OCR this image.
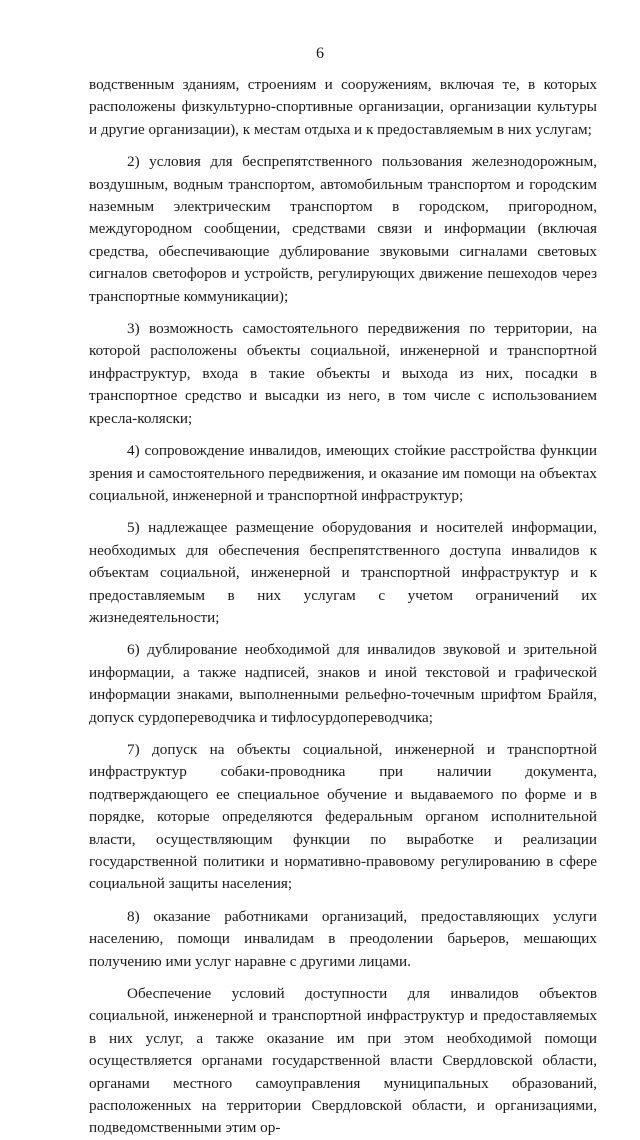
6

водственным зданиям, строениям и сооружениям, включая те, в которых расположены физкультурно-спортивные организации, организации культуры и другие организации), к местам отдыха и к предоставляемым в них услугам;

2) условия для беспрепятственного пользования железнодорожным, воздушным, водным транспортом, автомобильным транспортом и городским наземным электрическим транспортом в городском, пригородном, междугородном сообщении, средствами связи и информации (включая средства, обеспечивающие дублирование звуковыми сигналами световых сигналов светофоров и устройств, регулирующих движение пешеходов через транспортные коммуникации);

3) возможность самостоятельного передвижения по территории, на которой расположены объекты социальной, инженерной и транспортной инфраструктур, входа в такие объекты и выхода из них, посадки в транспортное средство и высадки из него, в том числе с использованием кресла-коляски;

4) сопровождение инвалидов, имеющих стойкие расстройства функции зрения и самостоятельного передвижения, и оказание им помощи на объектах социальной, инженерной и транспортной инфраструктур;

5) надлежащее размещение оборудования и носителей информации, необходимых для обеспечения беспрепятственного доступа инвалидов к объектам социальной, инженерной и транспортной инфраструктур и к предоставляемым в них услугам с учетом ограничений их жизнедеятельности;

6) дублирование необходимой для инвалидов звуковой и зрительной информации, а также надписей, знаков и иной текстовой и графической информации знаками, выполненными рельефно-точечным шрифтом Брайля, допуск сурдопереводчика и тифлосурдопереводчика;

7) допуск на объекты социальной, инженерной и транспортной инфраструктур собаки-проводника при наличии документа, подтверждающего ее специальное обучение и выдаваемого по форме и в порядке, которые определяются федеральным органом исполнительной власти, осуществляющим функции по выработке и реализации государственной политики и нормативно-правовому регулированию в сфере социальной защиты населения;

8) оказание работниками организаций, предоставляющих услуги населению, помощи инвалидам в преодолении барьеров, мешающих получению ими услуг наравне с другими лицами.

Обеспечение условий доступности для инвалидов объектов социальной, инженерной и транспортной инфраструктур и предоставляемых в них услуг, а также оказание им при этом необходимой помощи осуществляется органами государственной власти Свердловской области, органами местного самоуправления муниципальных образований, расположенных на территории Свердловской области, и организациями, подведомственными этим ор-
